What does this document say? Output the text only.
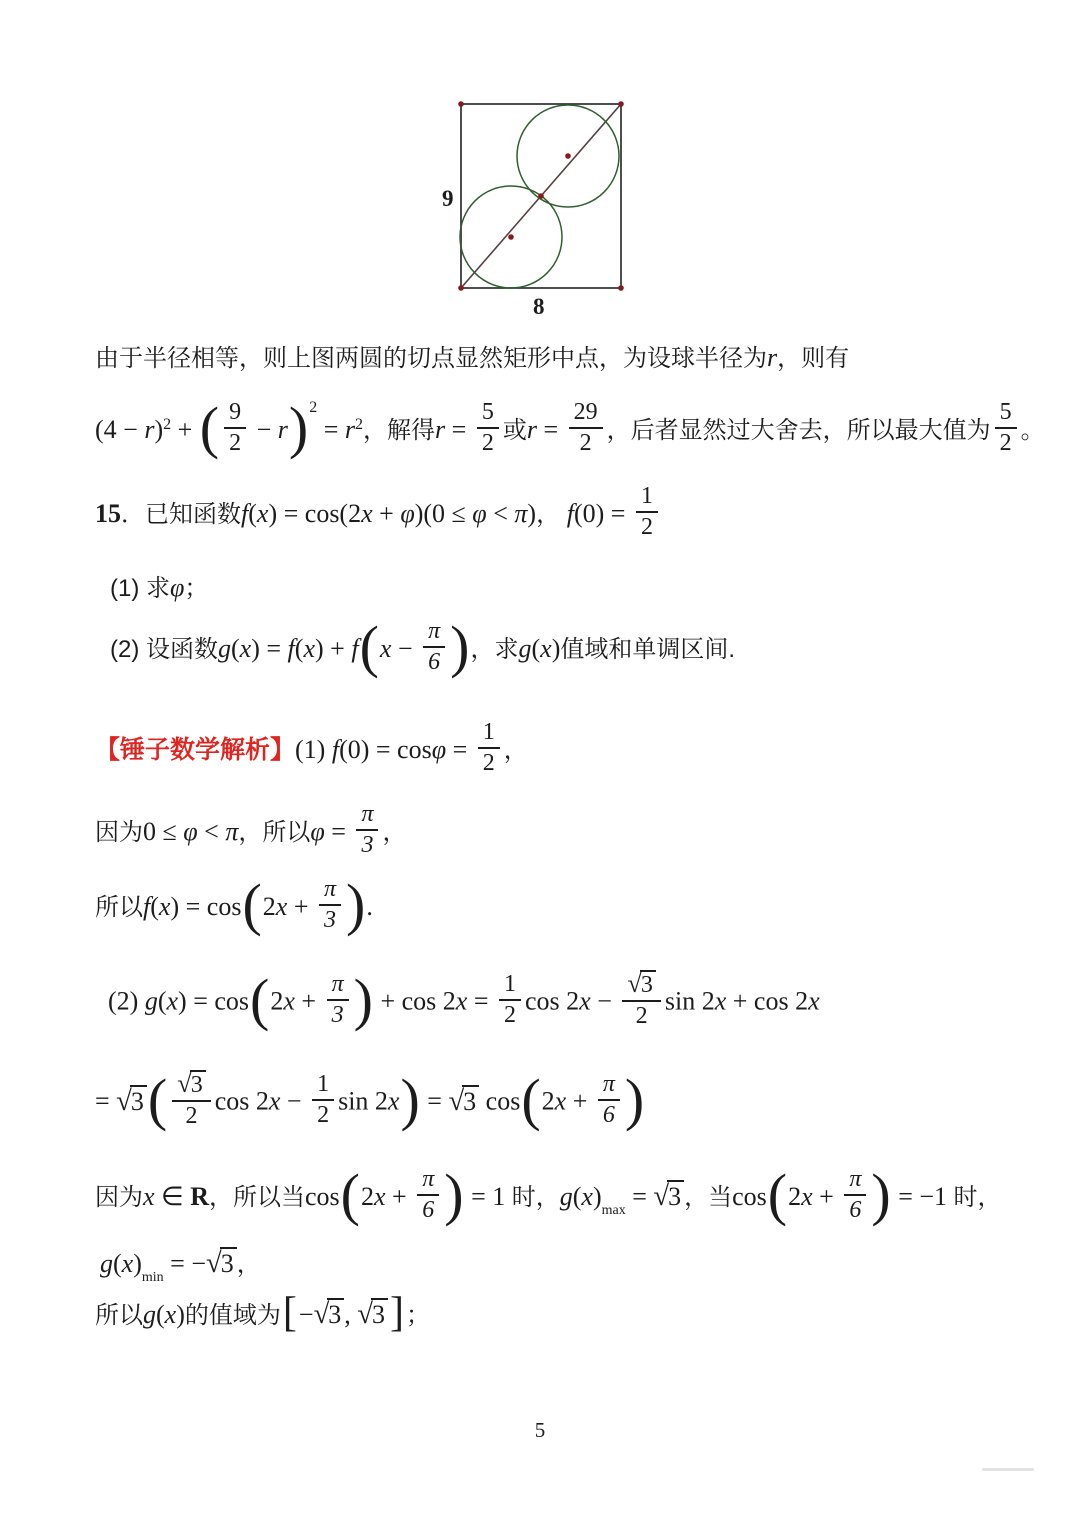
9
8
由于半径相等，则上图两圆的切点显然矩形中点，为设球半径为r，则有
$(4 - r)^2$ + ( $\frac{9}{2} - r)^2 = r^2$，解得$r = \frac{5}{2}$ 或$r = \frac{29}{2}$ ，后者显然过大舍去，所以最大值为 $\frac{5}{2}$ 。
15．已知函数f(x) = cos(2x + φ)(0 ≤ φ < π)， $f(0) = \frac{1}{2}$
(1) 求φ；
(2) 设函数$g(x) = f(x) + f(x - \frac{\pi}{6}$ )，求g(x)值域和单调区间.
【锤子数学解析】(1) $f(0) = \cos\varphi = \frac{1}{2}$ ，
因为0 ≤ φ < π，所以$\varphi = \frac{\pi}{3}$ ，
所以$f(x) = \cos(2x + \frac{\pi}{3}$ ).
(2) $g(x) = \cos(2x + \frac{\pi}{3}$ ) + $\cos 2x = \frac{1}{2}$ $\cos 2x - \frac{√3}{2}$ sin 2x + cos 2x
= $√3( \frac{√3}{2}$ $\cos 2x - \frac{1}{2}$ sin 2x) = √3 $\cos(2x + \frac{\pi}{6}$ )
因为x ∈ R，所以当$\cos(2x + \frac{\pi}{6}$ ) = 1 时，$g(x)_{max} = √3$ ，当$\cos(2x + \frac{\pi}{6}$ ) = −1 时，
$g(x)_{min} = -√3$ ，
所以g(x)的值域为[−√3 , √3 ]；
5
